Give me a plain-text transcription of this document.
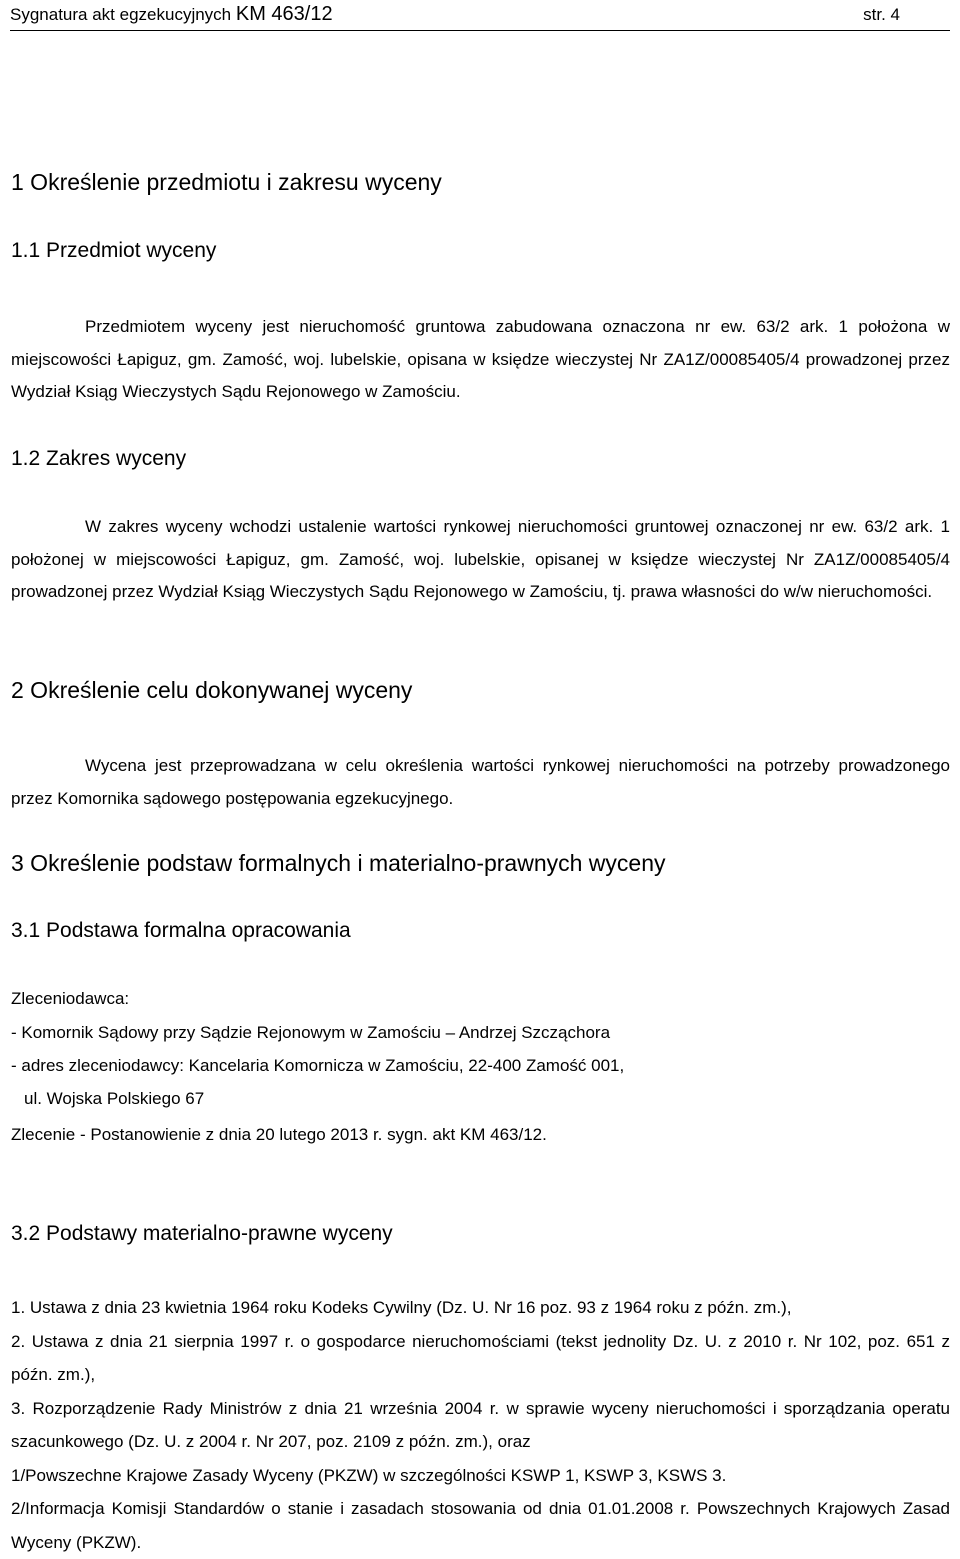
Sygnatura akt egzekucyjnych KM 463/12	str. 4
1 Określenie przedmiotu i zakresu wyceny
1.1 Przedmiot wyceny

Przedmiotem wyceny jest nieruchomość gruntowa zabudowana oznaczona nr ew. 63/2 ark. 1 położona w miejscowości Łapiguz, gm. Zamość, woj. lubelskie, opisana w księdze wieczystej Nr ZA1Z/00085405/4 prowadzonej przez Wydział Ksiąg Wieczystych Sądu Rejonowego w Zamościu.

1.2 Zakres wyceny

W zakres wyceny wchodzi ustalenie wartości rynkowej nieruchomości gruntowej oznaczonej nr ew. 63/2 ark. 1 położonej w miejscowości Łapiguz, gm. Zamość, woj. lubelskie, opisanej w księdze wieczystej Nr ZA1Z/00085405/4 prowadzonej przez Wydział Ksiąg Wieczystych Sądu Rejonowego w Zamościu, tj. prawa własności do w/w nieruchomości.

2 Określenie celu dokonywanej wyceny

Wycena jest przeprowadzana w celu określenia wartości rynkowej nieruchomości na potrzeby prowadzonego przez Komornika sądowego postępowania egzekucyjnego.

3 Określenie podstaw formalnych i materialno-prawnych wyceny
3.1 Podstawa formalna opracowania
Zleceniodawca:
- Komornik Sądowy przy Sądzie Rejonowym w Zamościu – Andrzej Szcząchora
- adres zleceniodawcy: Kancelaria Komornicza w Zamościu, 22-400 Zamość 001,
ul. Wojska Polskiego 67
Zlecenie - Postanowienie z dnia 20 lutego 2013 r. sygn. akt KM 463/12.
3.2 Podstawy materialno-prawne wyceny

1. Ustawa z dnia 23 kwietnia 1964 roku Kodeks Cywilny (Dz. U. Nr 16 poz. 93 z 1964 roku z późn. zm.),

2. Ustawa z dnia 21 sierpnia 1997 r. o gospodarce nieruchomościami (tekst jednolity Dz. U. z 2010 r. Nr 102, poz. 651 z późn. zm.),

3. Rozporządzenie Rady Ministrów z dnia 21 września 2004 r. w sprawie wyceny nieruchomości i sporządzania operatu szacunkowego (Dz. U. z 2004 r. Nr 207, poz. 2109 z późn. zm.), oraz

1/Powszechne Krajowe Zasady Wyceny (PKZW) w szczególności KSWP 1, KSWP 3, KSWS 3.

2/Informacja Komisji Standardów o stanie i zasadach stosowania od dnia 01.01.2008 r. Powszechnych Krajowych Zasad Wyceny (PKZW).
